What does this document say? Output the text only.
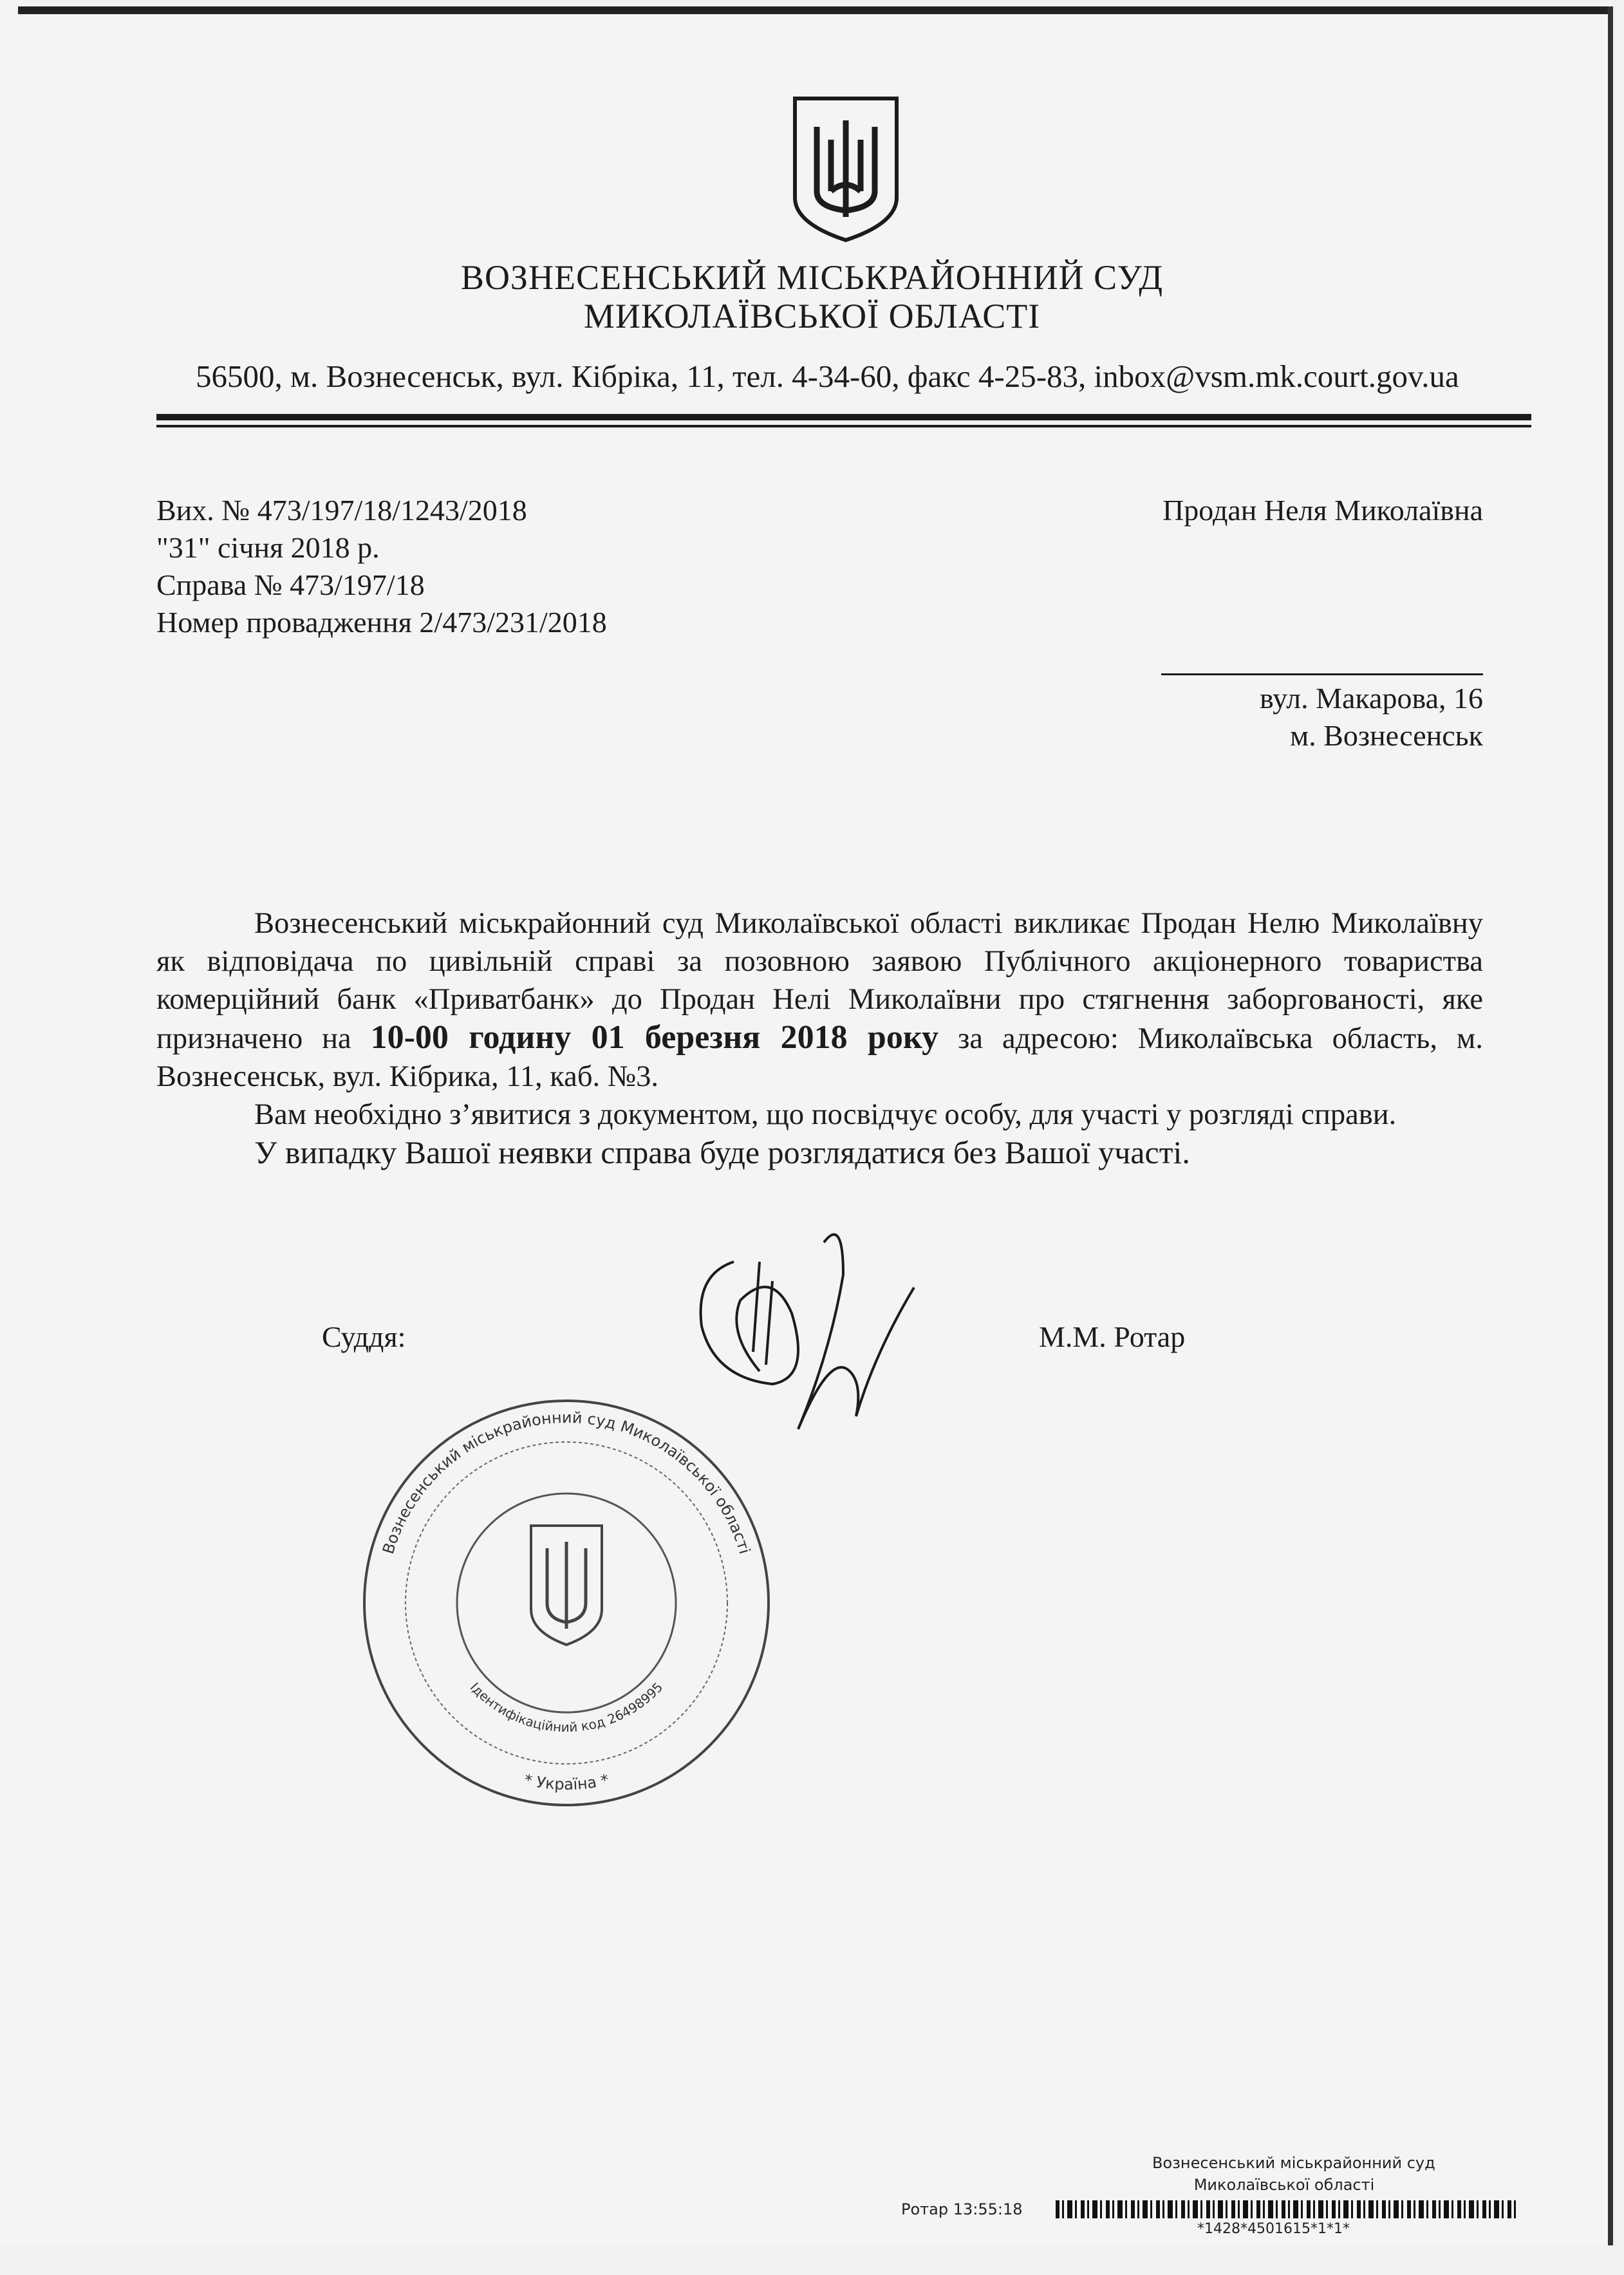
ВОЗНЕСЕНСЬКИЙ МІСЬКРАЙОННИЙ СУД
МИКОЛАЇВСЬКОЇ ОБЛАСТІ
56500, м. Вознесенськ, вул. Кібріка, 11, тел. 4-34-60, факс 4-25-83, inbox@vsm.mk.court.gov.ua
Вих. № 473/197/18/1243/2018
"31" січня 2018 р.
Справа № 473/197/18
Номер провадження 2/473/231/2018
Продан Неля Миколаївна
вул. Макарова, 16
м. Вознесенськ

Вознесенський міськрайонний суд Миколаївської області викликає Продан Нелю Миколаївну як відповідача по цивільній справі за позовною заявою Публічного акціонерного товариства комерційний банк «Приватбанк» до Продан Нелі Миколаївни про стягнення заборгованості, яке призначено на 10-00 годину 01 березня 2018 року за адресою: Миколаївська область, м. Вознесенськ, вул. Кібрика, 11, каб. №3.

Вам необхідно з’явитися з документом, що посвідчує особу, для участі у розгляді справи.

У випадку Вашої неявки справа буде розглядатися без Вашої участі.

Суддя:	М.М. Ротар
Вознесенський міськрайонний суд Миколаївської області
Ідентифікаційний код 26498995
* Україна *
Вознесенський міськрайонний суд
Миколаївської області
Ротар 13:55:18
*1428*4501615*1*1*
